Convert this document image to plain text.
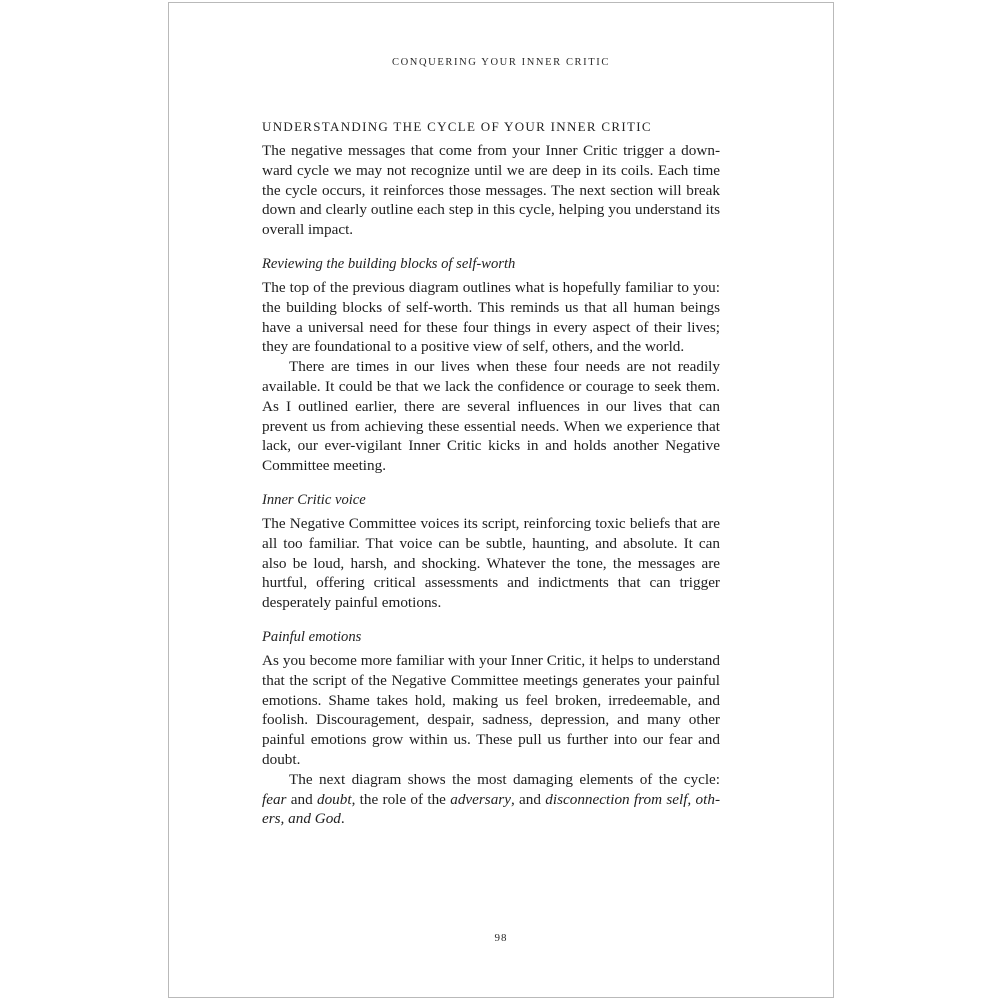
CONQUERING YOUR INNER CRITIC
UNDERSTANDING THE CYCLE OF YOUR INNER CRITIC

The negative messages that come from your Inner Critic trigger a downward cycle we may not recognize until we are deep in its coils. Each time the cycle occurs, it reinforces those messages. The next section will break down and clearly outline each step in this cycle, helping you understand its overall impact.

Reviewing the building blocks of self-worth

The top of the previous diagram outlines what is hopefully familiar to you: the building blocks of self-worth. This reminds us that all human beings have a universal need for these four things in every aspect of their lives; they are foundational to a positive view of self, others, and the world.

There are times in our lives when these four needs are not readily available. It could be that we lack the confidence or courage to seek them. As I outlined earlier, there are several influences in our lives that can prevent us from achieving these essential needs. When we experience that lack, our ever-vigilant Inner Critic kicks in and holds another Negative Committee meeting.

Inner Critic voice

The Negative Committee voices its script, reinforcing toxic beliefs that are all too familiar. That voice can be subtle, haunting, and absolute. It can also be loud, harsh, and shocking. Whatever the tone, the messages are hurtful, offering critical assessments and indictments that can trigger desperately painful emotions.

Painful emotions

As you become more familiar with your Inner Critic, it helps to understand that the script of the Negative Committee meetings generates your painful emotions. Shame takes hold, making us feel broken, irredeemable, and foolish. Discouragement, despair, sadness, depression, and many other painful emotions grow within us. These pull us further into our fear and doubt.

The next diagram shows the most damaging elements of the cycle: fear and doubt, the role of the adversary, and disconnection from self, others, and God.

98
